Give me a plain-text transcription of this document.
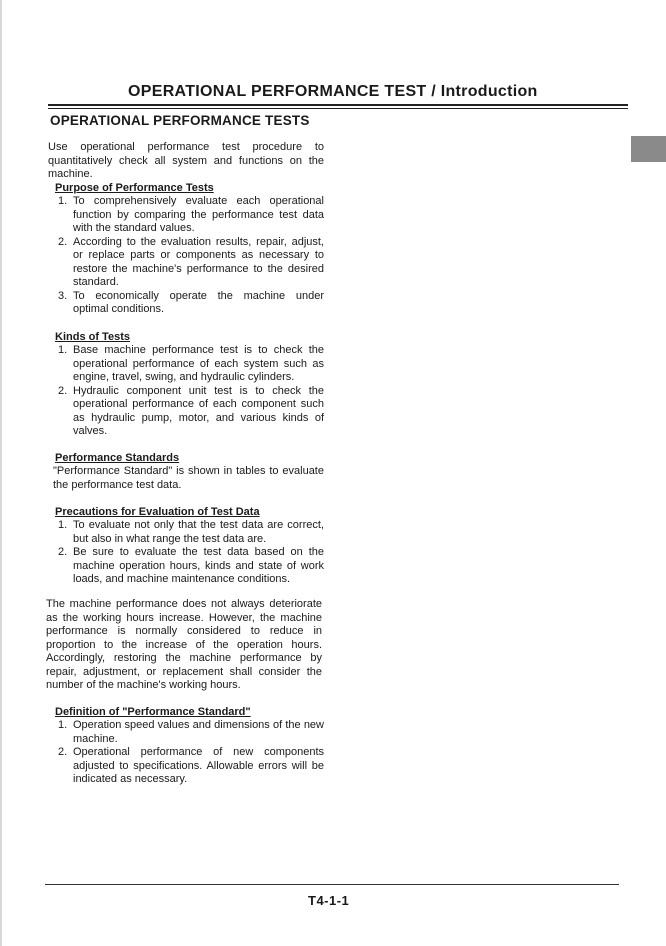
OPERATIONAL PERFORMANCE TEST / Introduction
OPERATIONAL PERFORMANCE TESTS

Use operational performance test procedure to quantitatively check all system and functions on the machine.

Purpose of Performance Tests
1. To comprehensively evaluate each operational function by comparing the performance test data with the standard values.
2. According to the evaluation results, repair, adjust, or replace parts or components as necessary to restore the machine's performance to the desired standard.
3. To economically operate the machine under optimal conditions.
Kinds of Tests
1. Base machine performance test is to check the operational performance of each system such as engine, travel, swing, and hydraulic cylinders.
2. Hydraulic component unit test is to check the operational performance of each component such as hydraulic pump, motor, and various kinds of valves.
Performance Standards

"Performance Standard" is shown in tables to evaluate the performance test data.

Precautions for Evaluation of Test Data
1. To evaluate not only that the test data are correct, but also in what range the test data are.
2. Be sure to evaluate the test data based on the machine operation hours, kinds and state of work loads, and machine maintenance conditions.

The machine performance does not always deteriorate as the working hours increase. However, the machine performance is normally considered to reduce in proportion to the increase of the operation hours. Accordingly, restoring the machine performance by repair, adjustment, or replacement shall consider the number of the machine's working hours.

Definition of "Performance Standard"
1. Operation speed values and dimensions of the new machine.
2. Operational performance of new components adjusted to specifications. Allowable errors will be indicated as necessary.
T4-1-1
